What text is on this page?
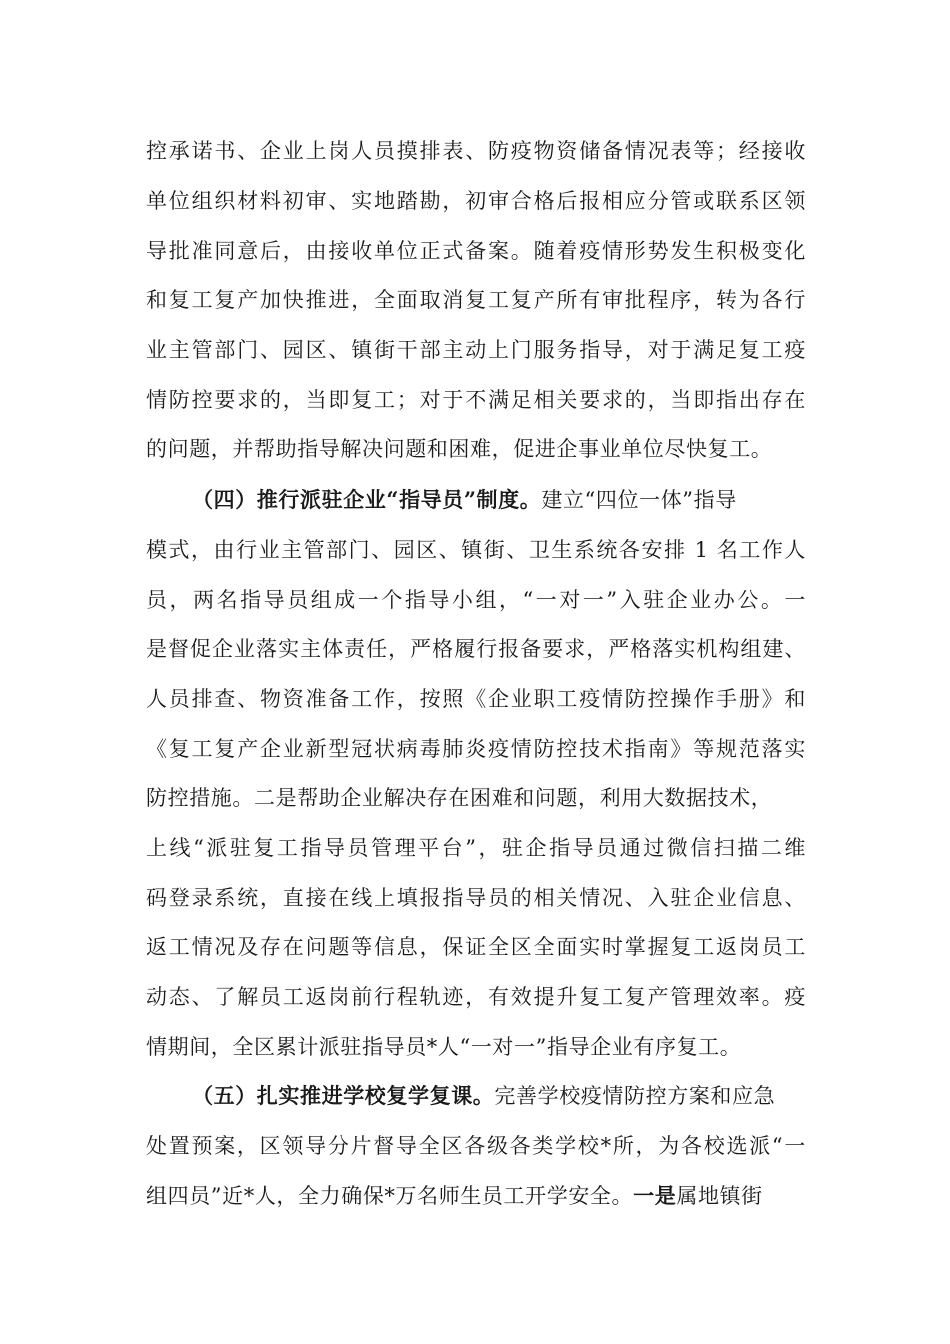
控承诺书、企业上岗人员摸排表、防疫物资储备情况表等；经接收
单位组织材料初审、实地踏勘，初审合格后报相应分管或联系区领
导批准同意后，由接收单位正式备案。随着疫情形势发生积极变化
和复工复产加快推进，全面取消复工复产所有审批程序，转为各行
业主管部门、园区、镇街干部主动上门服务指导，对于满足复工疫
情防控要求的，当即复工；对于不满足相关要求的，当即指出存在
的问题，并帮助指导解决问题和困难，促进企事业单位尽快复工。
（四）推行派驻企业“指导员”制度。建立“四位一体”指导
模式，由行业主管部门、园区、镇街、卫生系统各安排 1 名工作人
员，两名指导员组成一个指导小组，“一对一”入驻企业办公。一
是督促企业落实主体责任，严格履行报备要求，严格落实机构组建、
人员排查、物资准备工作，按照《企业职工疫情防控操作手册》和
《复工复产企业新型冠状病毒肺炎疫情防控技术指南》等规范落实
防控措施。二是帮助企业解决存在困难和问题，利用大数据技术，
上线“派驻复工指导员管理平台”，驻企指导员通过微信扫描二维
码登录系统，直接在线上填报指导员的相关情况、入驻企业信息、
返工情况及存在问题等信息，保证全区全面实时掌握复工返岗员工
动态、了解员工返岗前行程轨迹，有效提升复工复产管理效率。疫
情期间，全区累计派驻指导员*人“一对一”指导企业有序复工。
（五）扎实推进学校复学复课。完善学校疫情防控方案和应急
处置预案，区领导分片督导全区各级各类学校*所，为各校选派“一
组四员”近*人，全力确保*万名师生员工开学安全。一是属地镇街
